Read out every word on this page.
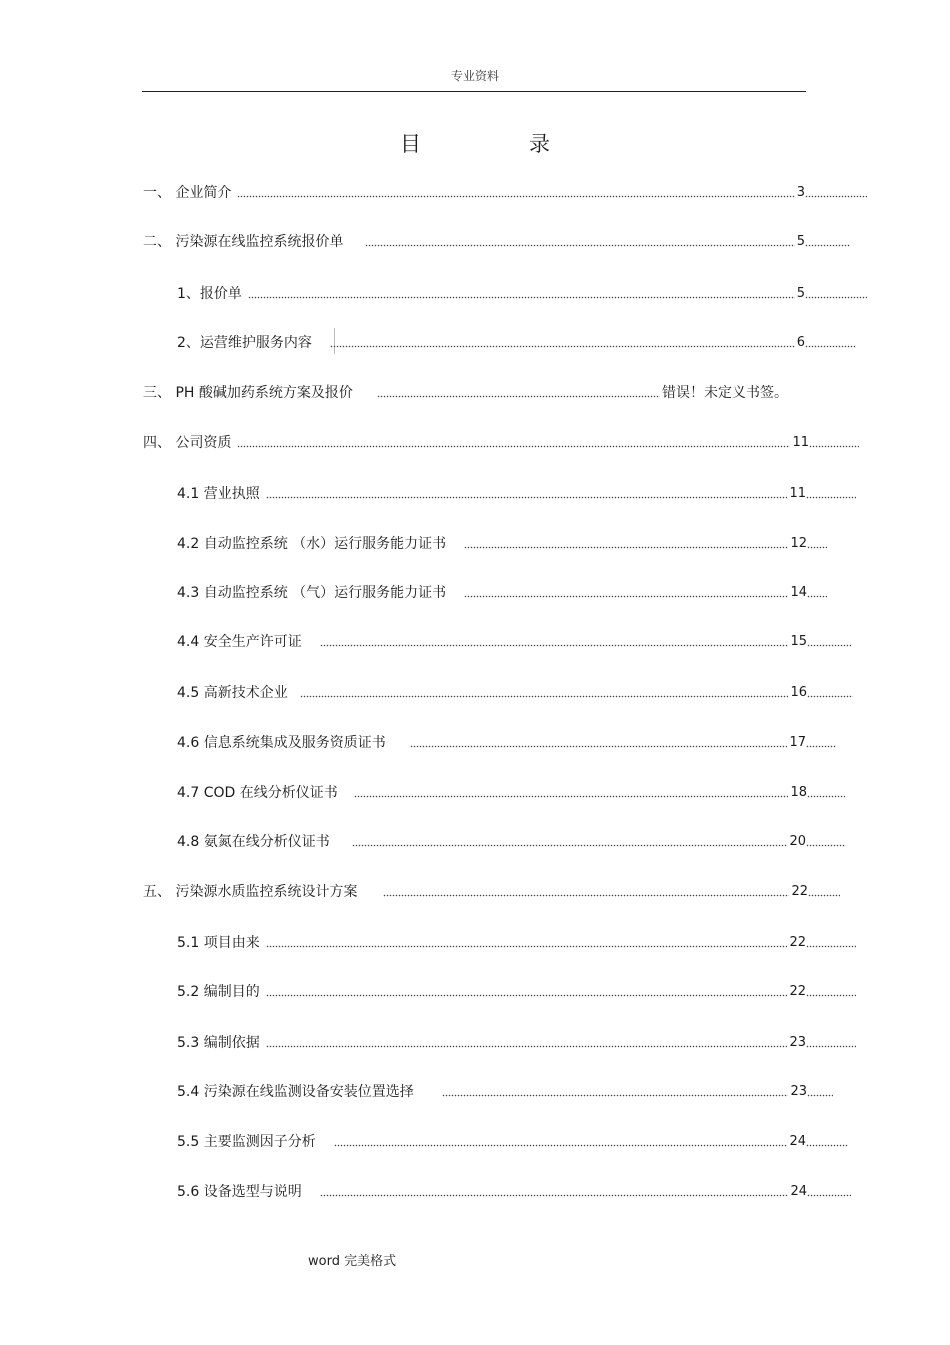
专业资料
目	录
一、 企业简介	3
二、 污染源在线监控系统报价单	5
1、报价单	5
2、运营维护服务内容	6
三、 PH 酸碱加药系统方案及报价	错误！未定义书签。
四、 公司资质	11
4.1 营业执照	11
4.2 自动监控系统 （水）运行服务能力证书	12
4.3 自动监控系统 （气）运行服务能力证书	14
4.4 安全生产许可证	15
4.5 高新技术企业	16
4.6 信息系统集成及服务资质证书	17
4.7 COD 在线分析仪证书	18
4.8 氨氮在线分析仪证书	20
五、 污染源水质监控系统设计方案	22
5.1 项目由来	22
5.2 编制目的	22
5.3 编制依据	23
5.4 污染源在线监测设备安装位置选择	23
5.5 主要监测因子分析	24
5.6 设备选型与说明	24
word 完美格式
